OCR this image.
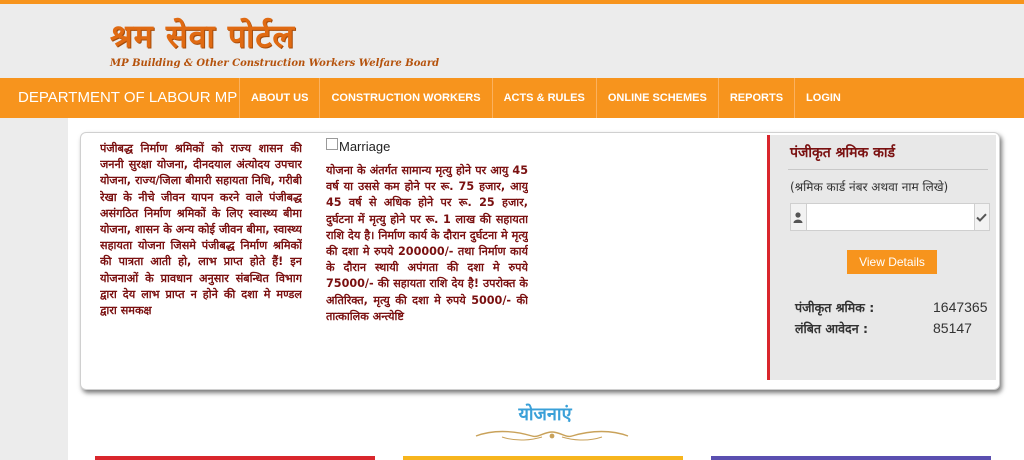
श्रम सेवा पोर्टल
MP Building & Other Construction Workers Welfare Board
DEPARTMENT OF LABOUR MP	ABOUT US	CONSTRUCTION WORKERS	ACTS & RULES	ONLINE SCHEMES	REPORTS	LOGIN
पंजीबद्ध निर्माण श्रमिकों को राज्य शासन की जननी सुरक्षा योजना, दीनदयाल अंत्योदय उपचार योजना, राज्य/जिला बीमारी सहायता निधि, गरीबी रेखा के नीचे जीवन यापन करने वाले पंजीबद्ध असंगठित निर्माण श्रमिकों के लिए स्वास्थ्य बीमा योजना, शासन के अन्य कोई जीवन बीमा, स्वास्थ्य सहायता योजना जिसमे पंजीबद्ध निर्माण श्रमिकों की पात्रता आती हो, लाभ प्राप्त होते हैं! इन योजनाओं के प्रावधान अनुसार संबन्धित विभाग द्वारा देय लाभ प्राप्त न होने की दशा मे मण्डल द्वारा समकक्ष
Marriage
योजना के अंतर्गत सामान्य मृत्यु होने पर आयु 45 वर्ष या उससे कम होने पर रू. 75 हजार, आयु 45 वर्ष से अधिक होने पर रू. 25 हजार, दुर्घटना में मृत्यु होने पर रू. 1 लाख की सहायता राशि देय है। निर्माण कार्य के दौरान दुर्घटना मे मृत्यु की दशा मे रुपये 200000/- तथा निर्माण कार्य के दौरान स्थायी अपंगता की दशा मे रुपये 75000/- की सहायता राशि देय है! उपरोक्त के अतिरिक्त, मृत्यु की दशा मे रुपये 5000/- की तात्कालिक अन्त्येष्टि
पंजीकृत श्रमिक कार्ड
(श्रमिक कार्ड नंबर अथवा नाम लिखे)
View Details
पंजीकृत श्रमिक :	1647365
लंबित आवेदन :	85147
योजनाएं
